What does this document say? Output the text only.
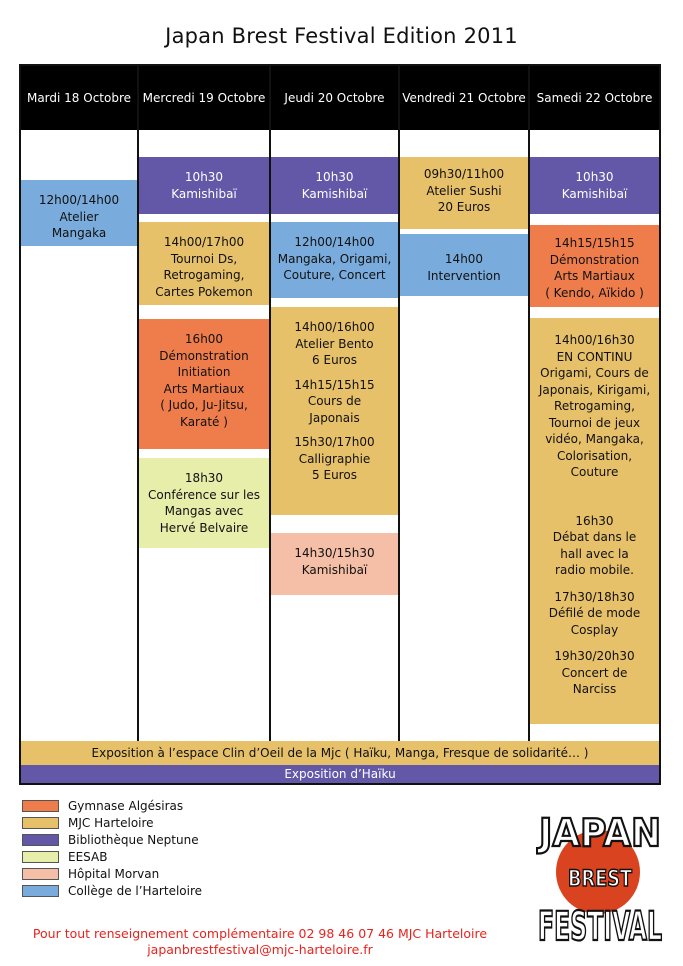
Japan Brest Festival Edition 2011
Mardi 18 Octobre Mercredi 19 Octobre	Jeudi 20 Octobre	Vendredi 21 Octobre Samedi 22 Octobre
12h00/14h00
Atelier
Mangaka
10h30
Kamishibaï
14h00/17h00
Tournoi Ds,
Retrogaming,
Cartes Pokemon
16h00
Démonstration
Initiation
Arts Martiaux
( Judo, Ju-Jitsu,
Karaté )
18h30
Conférence sur les
Mangas avec
Hervé Belvaire
10h30
Kamishibaï
12h00/14h00
Mangaka, Origami,
Couture, Concert
14h00/16h00
Atelier Bento
6 Euros
14h15/15h15
Cours de
Japonais
15h30/17h00
Calligraphie
5 Euros
14h30/15h30
Kamishibaï
09h30/11h00
Atelier Sushi
20 Euros
14h00
Intervention
10h30
Kamishibaï
14h15/15h15
Démonstration
Arts Martiaux
( Kendo, Aïkido )
14h00/16h30
EN CONTINU
Origami, Cours de
Japonais, Kirigami,
Retrogaming,
Tournoi de jeux
vidéo, Mangaka,
Colorisation,
Couture
16h30
Débat dans le
hall avec la
radio mobile.
17h30/18h30
Défilé de mode
Cosplay
19h30/20h30
Concert de
Narciss
Exposition à l’espace Clin d’Oeil de la Mjc ( Haïku, Manga, Fresque de solidarité… )
Exposition d’Haïku
Gymnase Algésiras
MJC Harteloire
Bibliothèque Neptune
EESAB
Hôpital Morvan
Collège de l’Harteloire
Pour tout renseignement complémentaire 02 98 46 07 46 MJC Harteloire
japanbrestfestival@mjc-harteloire.fr
JAPAN
BREST
FESTIVAL
